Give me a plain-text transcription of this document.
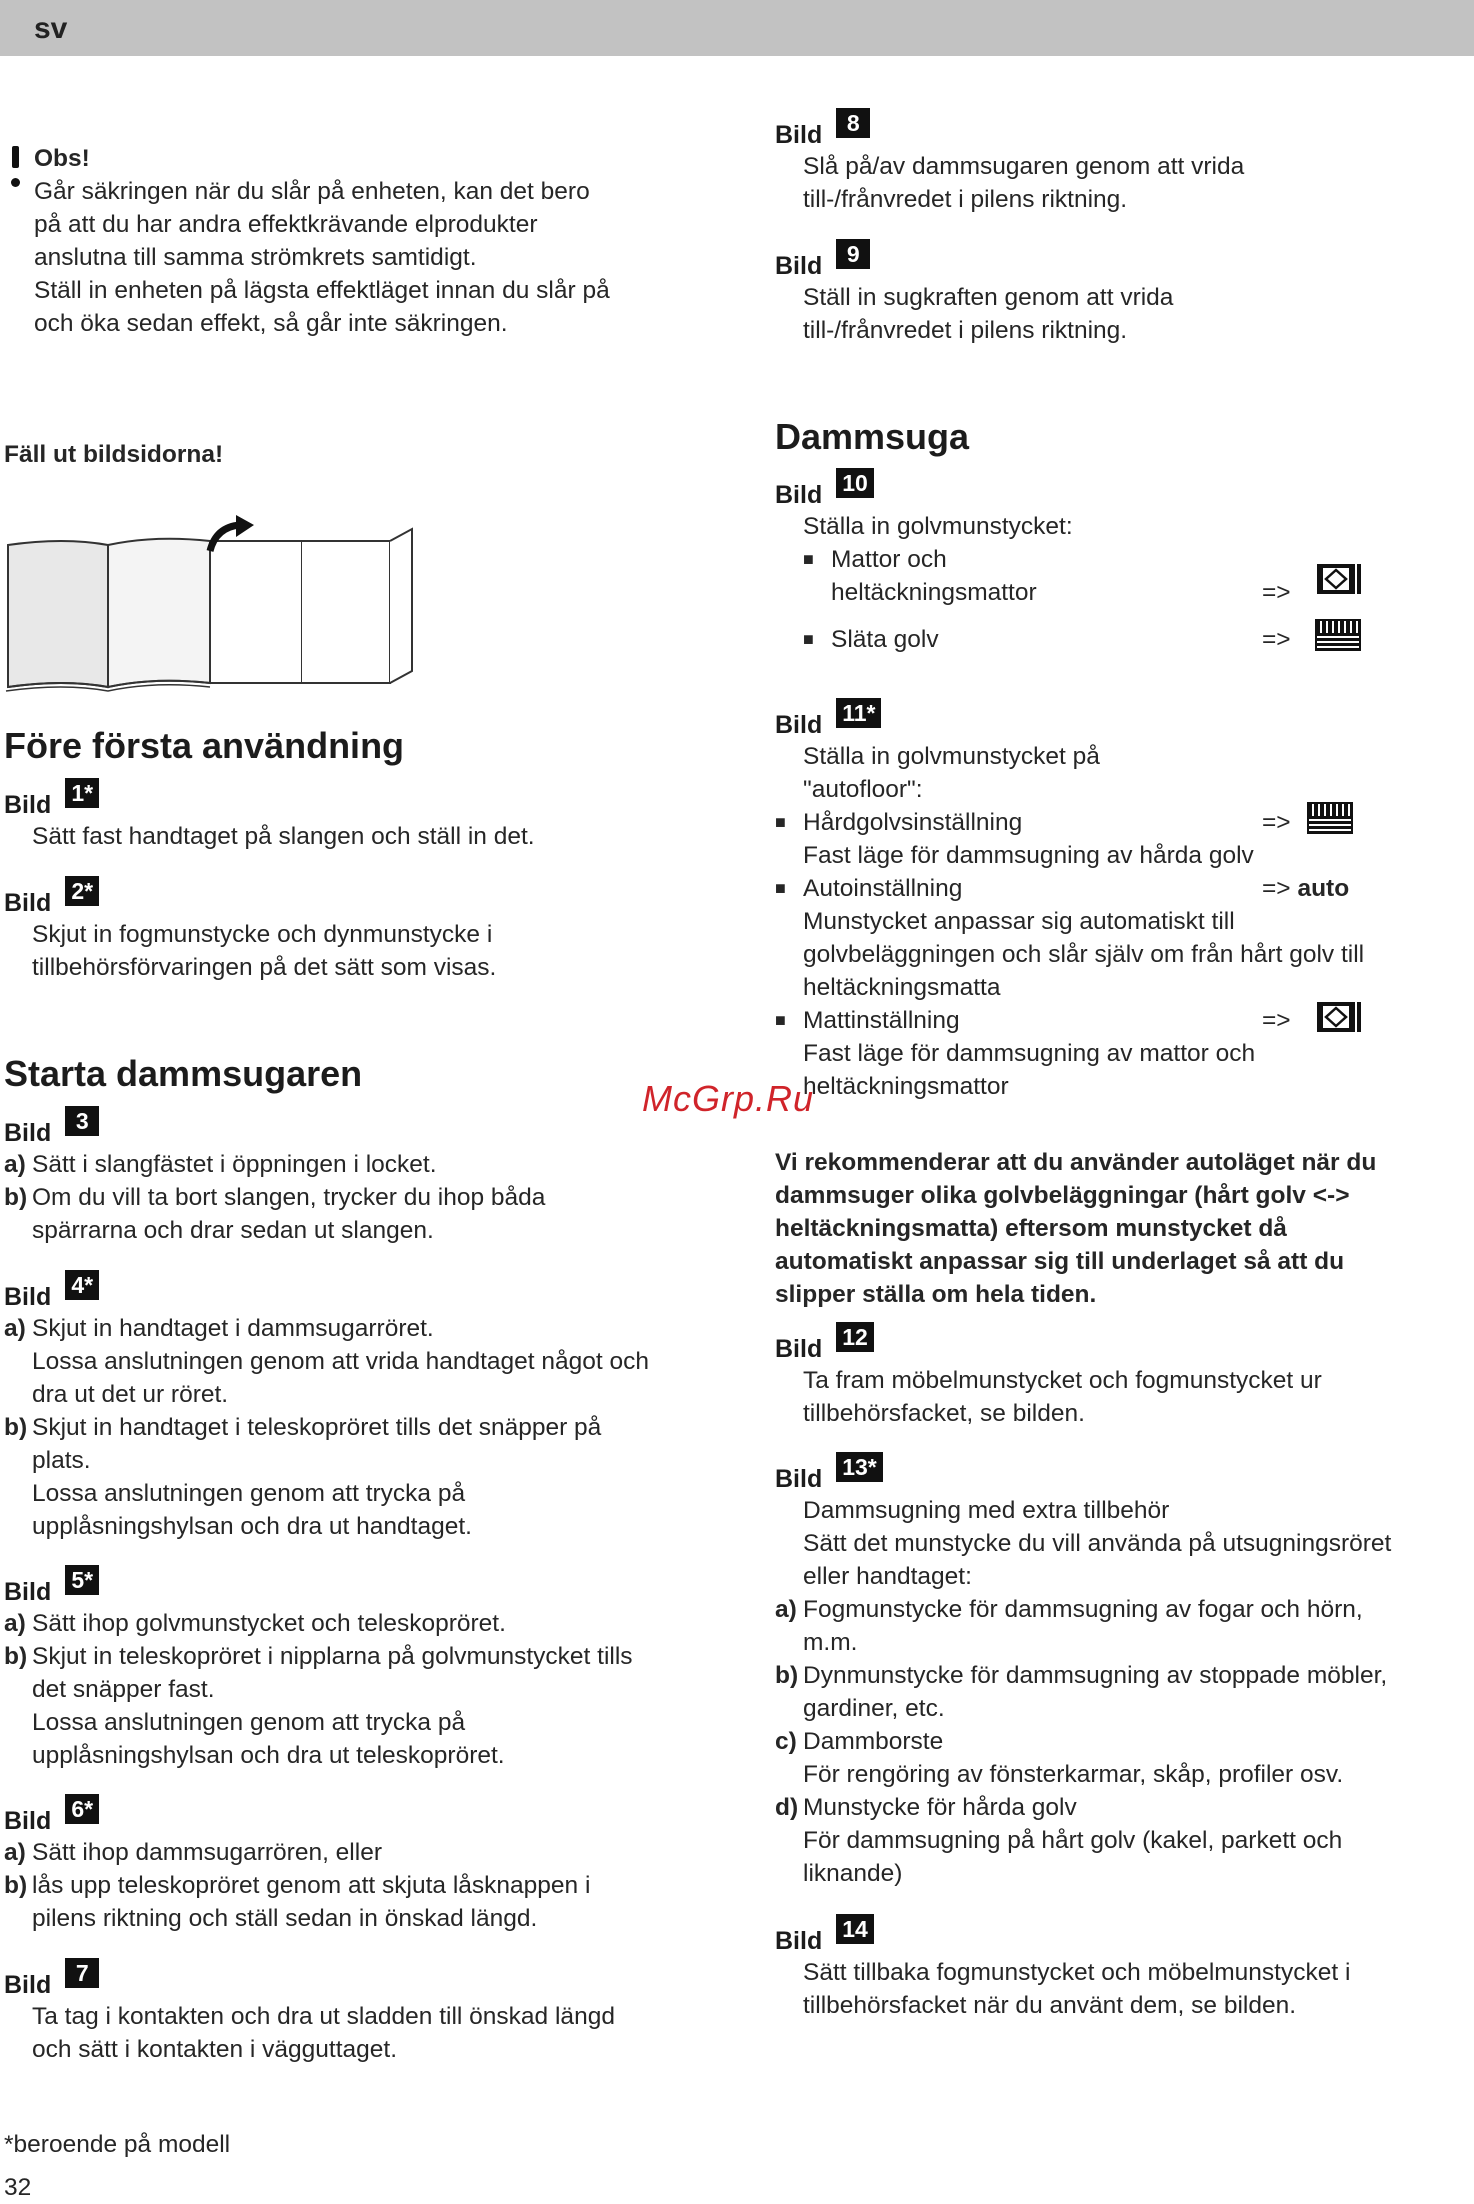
sv
Obs!
Går säkringen när du slår på enheten, kan det bero
på att du har andra effektkrävande elprodukter
anslutna till samma strömkrets samtidigt.
Ställ in enheten på lägsta effektläget innan du slår på
och öka sedan effekt, så går inte säkringen.
Fäll ut bildsidorna!
Före första användning
Bild 1*
Sätt fast handtaget på slangen och ställ in det.
Bild 2*
Skjut in fogmunstycke och dynmunstycke i
tillbehörsförvaringen på det sätt som visas.
Starta dammsugaren
Bild	3
a) Sätt i slangfästet i öppningen i locket.
b) Om du vill ta bort slangen, trycker du ihop båda
spärrarna och drar sedan ut slangen.
Bild 4*
a) Skjut in handtaget i dammsugarröret.
Lossa anslutningen genom att vrida handtaget något och
dra ut det ur röret.
b) Skjut in handtaget i teleskopröret tills det snäpper på
plats.
Lossa anslutningen genom att trycka på
upplåsningshylsan och dra ut handtaget.
Bild 5*
a) Sätt ihop golvmunstycket och teleskopröret.
b) Skjut in teleskopröret i nipplarna på golvmunstycket tills
det snäpper fast.
Lossa anslutningen genom att trycka på
upplåsningshylsan och dra ut teleskopröret.
Bild 6*
a) Sätt ihop dammsugarrören, eller
b) lås upp teleskopröret genom att skjuta låsknappen i
pilens riktning och ställ sedan in önskad längd.
Bild	7
Ta tag i kontakten och dra ut sladden till önskad längd
och sätt i kontakten i vägguttaget.
*beroende på modell
32
Bild	8
Slå på/av dammsugaren genom att vrida
till-/frånvredet i pilens riktning.
Bild	9
Ställ in sugkraften genom att vrida
till-/frånvredet i pilens riktning.
Dammsuga
Bild 10
Ställa in golvmunstycket:
■ Mattor och
heltäckningsmattor	=>
■ Släta golv	=>
Bild 11*
Ställa in golvmunstycket på
"autofloor":
■ Hårdgolvsinställning	=>
Fast läge för dammsugning av hårda golv
■ Autoinställning	=> auto
Munstycket anpassar sig automatiskt till
golvbeläggningen och slår själv om från hårt golv till
heltäckningsmatta
■ Mattinställning	=>
Fast läge för dammsugning av mattor och
heltäckningsmattor
Vi rekommenderar att du använder autoläget när du
dammsuger olika golvbeläggningar (hårt golv <->
heltäckningsmatta) eftersom munstycket då
automatiskt anpassar sig till underlaget så att du
slipper ställa om hela tiden.
Bild 12
Ta fram möbelmunstycket och fogmunstycket ur
tillbehörsfacket, se bilden.
Bild 13*
Dammsugning med extra tillbehör
Sätt det munstycke du vill använda på utsugningsröret
eller handtaget:
a) Fogmunstycke för dammsugning av fogar och hörn,
m.m.
b) Dynmunstycke för dammsugning av stoppade möbler,
gardiner, etc.
c) Dammborste
För rengöring av fönsterkarmar, skåp, profiler osv.
d) Munstycke för hårda golv
För dammsugning på hårt golv (kakel, parkett och
liknande)
Bild 14
Sätt tillbaka fogmunstycket och möbelmunstycket i
tillbehörsfacket när du använt dem, se bilden.
McGrp.Ru
